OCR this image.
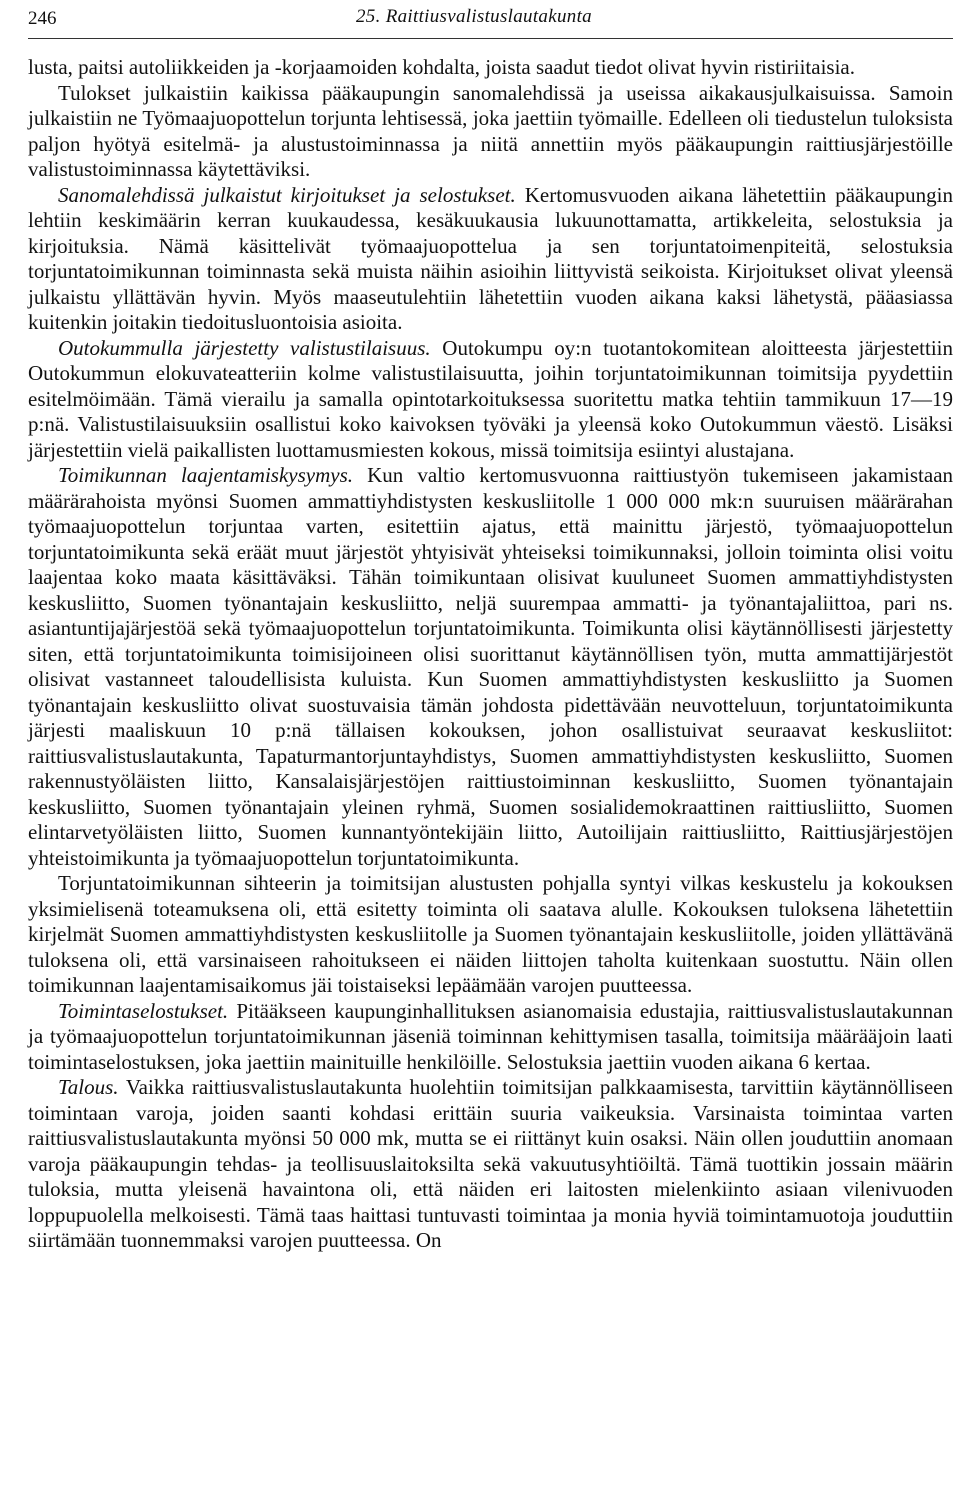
246	25. Raittiusvalistuslautakunta

lusta, paitsi autoliikkeiden ja -korjaamoiden kohdalta, joista saadut tiedot olivat hyvin ristiriitaisia.

Tulokset julkaistiin kaikissa pääkaupungin sanomalehdissä ja useissa aikakausjulkaisuissa. Samoin julkaistiin ne Työmaajuopottelun torjunta lehtisessä, joka jaettiin työmaille. Edelleen oli tiedustelun tuloksista paljon hyötyä esitelmä- ja alustustoiminnassa ja niitä annettiin myös pääkaupungin raittiusjärjestöille valistustoiminnassa käytettäviksi.

Sanomalehdissä julkaistut kirjoitukset ja selostukset. Kertomusvuoden aikana lähetettiin pääkaupungin lehtiin keskimäärin kerran kuukaudessa, kesäkuukausia lukuunottamatta, artikkeleita, selostuksia ja kirjoituksia. Nämä käsittelivät työmaajuopottelua ja sen torjuntatoimenpiteitä, selostuksia torjuntatoimikunnan toiminnasta sekä muista näihin asioihin liittyvistä seikoista. Kirjoitukset olivat yleensä julkaistu yllättävän hyvin. Myös maaseutulehtiin lähetettiin vuoden aikana kaksi lähetystä, pääasiassa kuitenkin joitakin tiedoitusluontoisia asioita.

Outokummulla järjestetty valistustilaisuus. Outokumpu oy:n tuotantokomitean aloitteesta järjestettiin Outokummun elokuvateatteriin kolme valistustilaisuutta, joihin torjuntatoimikunnan toimitsija pyydettiin esitelmöimään. Tämä vierailu ja samalla opintotarkoituksessa suoritettu matka tehtiin tammikuun 17—19 p:nä. Valistustilaisuuksiin osallistui koko kaivoksen työväki ja yleensä koko Outokummun väestö. Lisäksi järjestettiin vielä paikallisten luottamusmiesten kokous, missä toimitsija esiintyi alustajana.

Toimikunnan laajentamiskysymys. Kun valtio kertomusvuonna raittiustyön tukemiseen jakamistaan määrärahoista myönsi Suomen ammattiyhdistysten keskusliitolle 1 000 000 mk:n suuruisen määrärahan työmaajuopottelun torjuntaa varten, esitettiin ajatus, että mainittu järjestö, työmaajuopottelun torjuntatoimikunta sekä eräät muut järjestöt yhtyisivät yhteiseksi toimikunnaksi, jolloin toiminta olisi voitu laajentaa koko maata käsittäväksi. Tähän toimikuntaan olisivat kuuluneet Suomen ammattiyhdistysten keskusliitto, Suomen työnantajain keskusliitto, neljä suurempaa ammatti- ja työnantajaliittoa, pari ns. asiantuntijajärjestöä sekä työmaajuopottelun torjuntatoimikunta. Toimikunta olisi käytännöllisesti järjestetty siten, että torjuntatoimikunta toimisijoineen olisi suorittanut käytännöllisen työn, mutta ammattijärjestöt olisivat vastanneet taloudellisista kuluista. Kun Suomen ammattiyhdistysten keskusliitto ja Suomen työnantajain keskusliitto olivat suostuvaisia tämän johdosta pidettävään neuvotteluun, torjuntatoimikunta järjesti maaliskuun 10 p:nä tällaisen kokouksen, johon osallistuivat seuraavat keskusliitot: raittiusvalistuslautakunta, Tapaturmantorjuntayhdistys, Suomen ammattiyhdistysten keskusliitto, Suomen rakennustyöläisten liitto, Kansalaisjärjestöjen raittiustoiminnan keskusliitto, Suomen työnantajain keskusliitto, Suomen työnantajain yleinen ryhmä, Suomen sosialidemokraattinen raittiusliitto, Suomen elintarvetyöläisten liitto, Suomen kunnantyöntekijäin liitto, Autoilijain raittiusliitto, Raittiusjärjestöjen yhteistoimikunta ja työmaajuopottelun torjuntatoimikunta.

Torjuntatoimikunnan sihteerin ja toimitsijan alustusten pohjalla syntyi vilkas keskustelu ja kokouksen yksimielisenä toteamuksena oli, että esitetty toiminta oli saatava alulle. Kokouksen tuloksena lähetettiin kirjelmät Suomen ammattiyhdistysten keskusliitolle ja Suomen työnantajain keskusliitolle, joiden yllättävänä tuloksena oli, että varsinaiseen rahoitukseen ei näiden liittojen taholta kuitenkaan suostuttu. Näin ollen toimikunnan laajentamisaikomus jäi toistaiseksi lepäämään varojen puutteessa.

Toimintaselostukset. Pitääkseen kaupunginhallituksen asianomaisia edustajia, raittiusvalistuslautakunnan ja työmaajuopottelun torjuntatoimikunnan jäseniä toiminnan kehittymisen tasalla, toimitsija määrääjoin laati toimintaselostuksen, joka jaettiin mainituille henkilöille. Selostuksia jaettiin vuoden aikana 6 kertaa.

Talous. Vaikka raittiusvalistuslautakunta huolehtiin toimitsijan palkkaamisesta, tarvittiin käytännölliseen toimintaan varoja, joiden saanti kohdasi erittäin suuria vaikeuksia. Varsinaista toimintaa varten raittiusvalistuslautakunta myönsi 50 000 mk, mutta se ei riittänyt kuin osaksi. Näin ollen jouduttiin anomaan varoja pääkaupungin tehdas- ja teollisuuslaitoksilta sekä vakuutusyhtiöiltä. Tämä tuottikin jossain määrin tuloksia, mutta yleisenä havaintona oli, että näiden eri laitosten mielenkiinto asiaan vilenivuoden loppupuolella melkoisesti. Tämä taas haittasi tuntuvasti toimintaa ja monia hyviä toimintamuotoja jouduttiin siirtämään tuonnemmaksi varojen puutteessa. On
